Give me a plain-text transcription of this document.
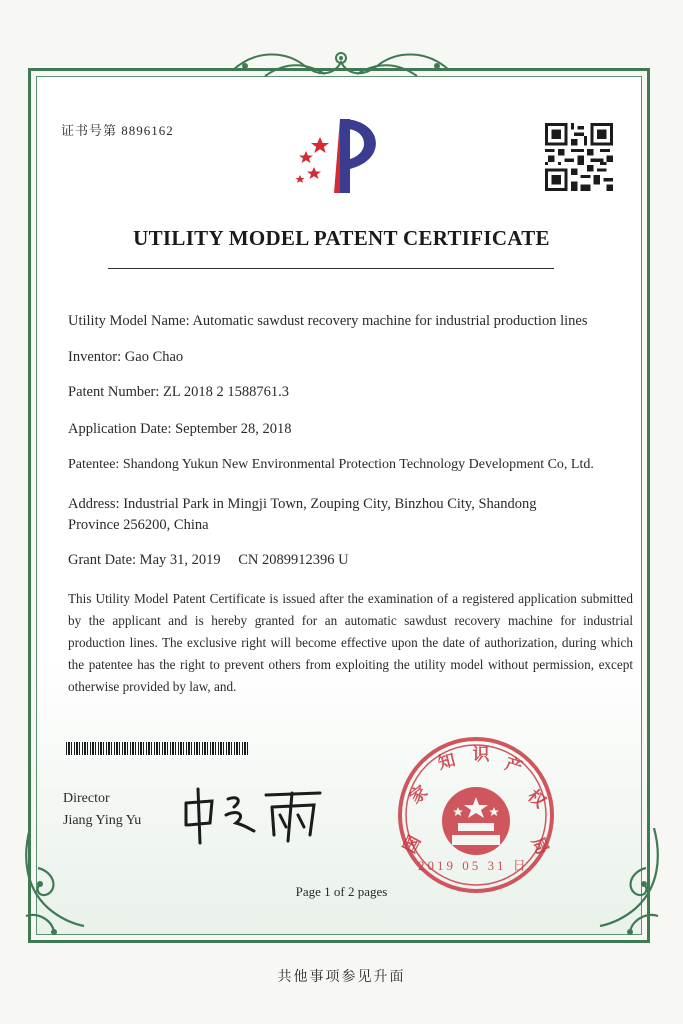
证书号第 8896162
UTILITY MODEL PATENT CERTIFICATE
Utility Model Name: Automatic sawdust recovery machine for industrial production lines
Inventor: Gao Chao
Patent Number: ZL 2018 2 1588761.3
Application Date: September 28, 2018
Patentee: Shandong Yukun New Environmental Protection Technology Development Co, Ltd.
Address: Industrial Park in Mingji Town, Zouping City, Binzhou City, Shandong
Province 256200, China
Grant Date: May 31, 2019 CN 2089912396 U
This Utility Model Patent Certificate is issued after the examination of a registered application submitted by the applicant and is hereby granted for an automatic sawdust recovery machine for industrial production lines. The exclusive right will become effective upon the date of authorization, during which the patentee has the right to prevent others from exploiting the utility model without permission, except otherwise provided by law, and.
Director
Jiang Ying Yu
国
家
知 识 产
权
局
2019 05 31 日
Page 1 of 2 pages
共他事项参见升面
